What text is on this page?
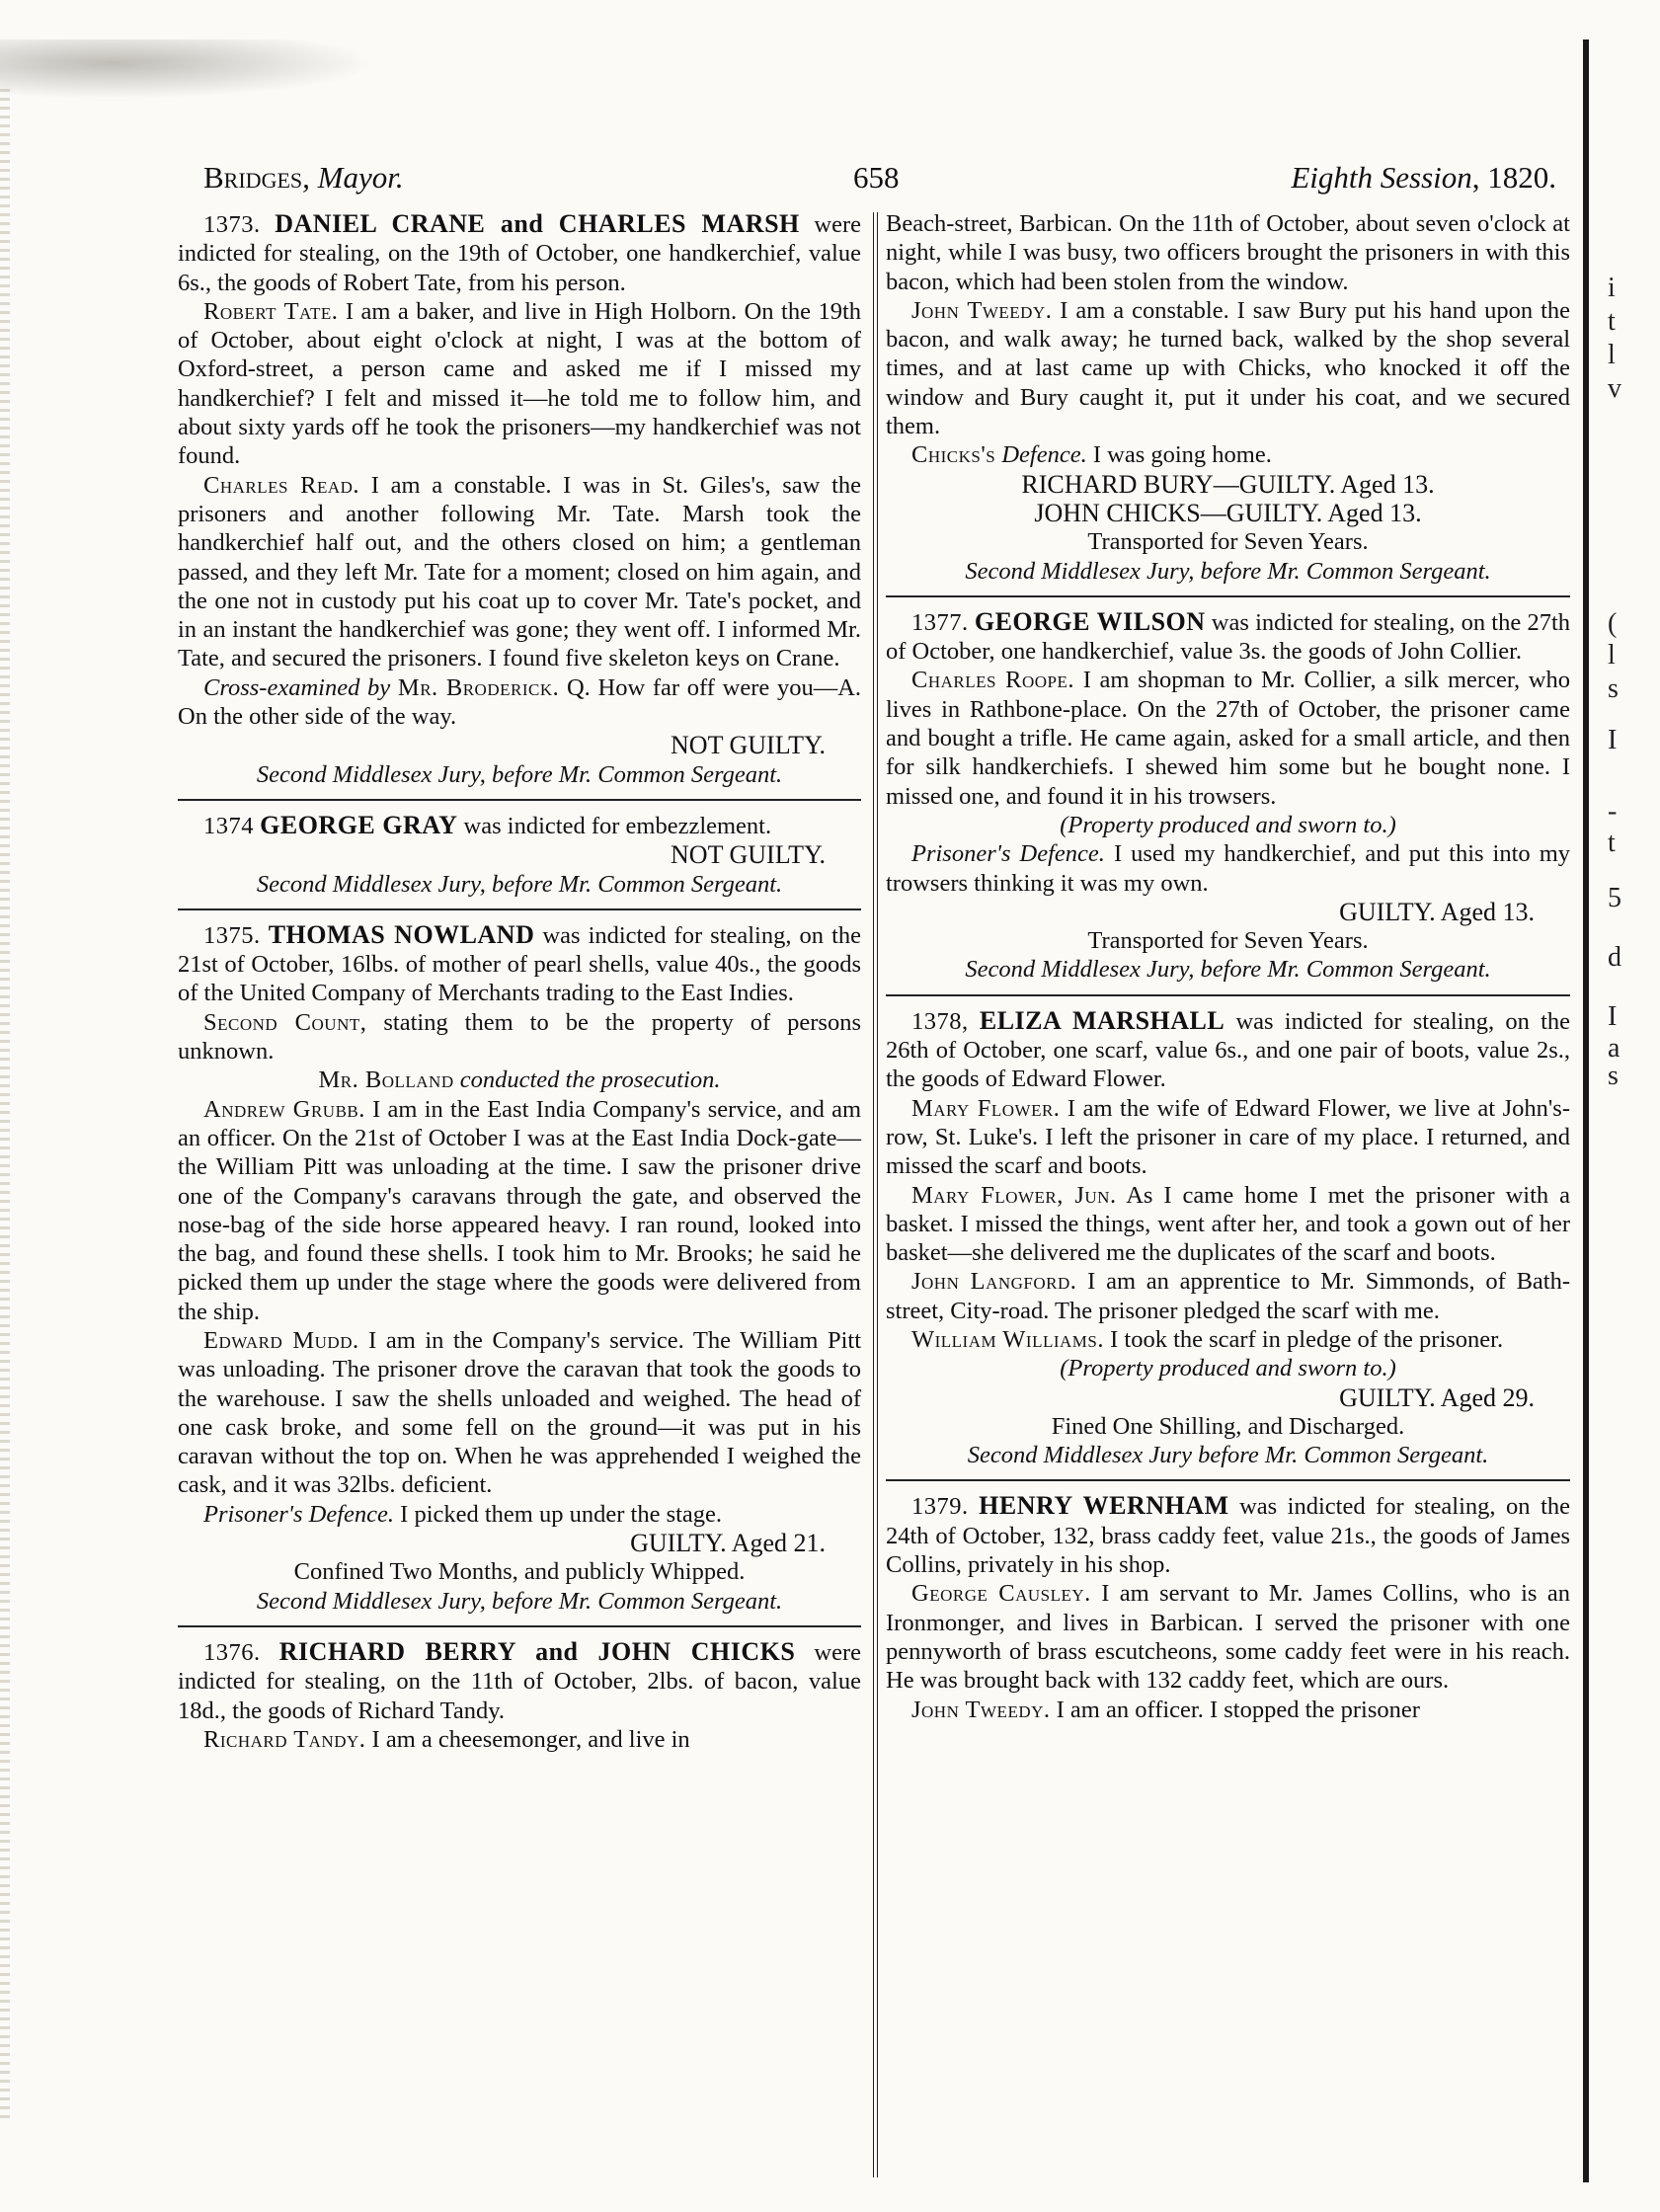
i
t
l
v
(
l
s
I
-
t
5
d
I
a
s
Bridges, Mayor.	658	Eighth Session, 1820.

1373. DANIEL CRANE and CHARLES MARSH were indicted for stealing, on the 19th of October, one handkerchief, value 6s., the goods of Robert Tate, from his person.

Robert Tate. I am a baker, and live in High Holborn. On the 19th of October, about eight o'clock at night, I was at the bottom of Oxford-street, a person came and asked me if I missed my handkerchief? I felt and missed it—he told me to follow him, and about sixty yards off he took the prisoners—my handkerchief was not found.

Charles Read. I am a constable. I was in St. Giles's, saw the prisoners and another following Mr. Tate. Marsh took the handkerchief half out, and the others closed on him; a gentleman passed, and they left Mr. Tate for a moment; closed on him again, and the one not in custody put his coat up to cover Mr. Tate's pocket, and in an instant the handkerchief was gone; they went off. I informed Mr. Tate, and secured the prisoners. I found five skeleton keys on Crane.

Cross-examined by Mr. Broderick. Q. How far off were you—A. On the other side of the way.

NOT GUILTY.

Second Middlesex Jury, before Mr. Common Sergeant.

1374 GEORGE GRAY was indicted for embezzlement.

NOT GUILTY.

Second Middlesex Jury, before Mr. Common Sergeant.

1375. THOMAS NOWLAND was indicted for stealing, on the 21st of October, 16lbs. of mother of pearl shells, value 40s., the goods of the United Company of Merchants trading to the East Indies.

Second Count, stating them to be the property of persons unknown.

Mr. Bolland conducted the prosecution.

Andrew Grubb. I am in the East India Company's service, and am an officer. On the 21st of October I was at the East India Dock-gate—the William Pitt was unloading at the time. I saw the prisoner drive one of the Company's caravans through the gate, and observed the nose-bag of the side horse appeared heavy. I ran round, looked into the bag, and found these shells. I took him to Mr. Brooks; he said he picked them up under the stage where the goods were delivered from the ship.

Edward Mudd. I am in the Company's service. The William Pitt was unloading. The prisoner drove the caravan that took the goods to the warehouse. I saw the shells unloaded and weighed. The head of one cask broke, and some fell on the ground—it was put in his caravan without the top on. When he was apprehended I weighed the cask, and it was 32lbs. deficient.

Prisoner's Defence. I picked them up under the stage.

GUILTY. Aged 21.

Confined Two Months, and publicly Whipped.

Second Middlesex Jury, before Mr. Common Sergeant.

1376. RICHARD BERRY and JOHN CHICKS were indicted for stealing, on the 11th of October, 2lbs. of bacon, value 18d., the goods of Richard Tandy.

Richard Tandy. I am a cheesemonger, and live in

Beach-street, Barbican. On the 11th of October, about seven o'clock at night, while I was busy, two officers brought the prisoners in with this bacon, which had been stolen from the window.

John Tweedy. I am a constable. I saw Bury put his hand upon the bacon, and walk away; he turned back, walked by the shop several times, and at last came up with Chicks, who knocked it off the window and Bury caught it, put it under his coat, and we secured them.

Chicks's Defence. I was going home.

RICHARD BURY—GUILTY. Aged 13.

JOHN CHICKS—GUILTY. Aged 13.

Transported for Seven Years.

Second Middlesex Jury, before Mr. Common Sergeant.

1377. GEORGE WILSON was indicted for stealing, on the 27th of October, one handkerchief, value 3s. the goods of John Collier.

Charles Roope. I am shopman to Mr. Collier, a silk mercer, who lives in Rathbone-place. On the 27th of October, the prisoner came and bought a trifle. He came again, asked for a small article, and then for silk handkerchiefs. I shewed him some but he bought none. I missed one, and found it in his trowsers.

(Property produced and sworn to.)

Prisoner's Defence. I used my handkerchief, and put this into my trowsers thinking it was my own.

GUILTY. Aged 13.

Transported for Seven Years.

Second Middlesex Jury, before Mr. Common Sergeant.

1378, ELIZA MARSHALL was indicted for stealing, on the 26th of October, one scarf, value 6s., and one pair of boots, value 2s., the goods of Edward Flower.

Mary Flower. I am the wife of Edward Flower, we live at John's-row, St. Luke's. I left the prisoner in care of my place. I returned, and missed the scarf and boots.

Mary Flower, Jun. As I came home I met the prisoner with a basket. I missed the things, went after her, and took a gown out of her basket—she delivered me the duplicates of the scarf and boots.

John Langford. I am an apprentice to Mr. Simmonds, of Bath-street, City-road. The prisoner pledged the scarf with me.

William Williams. I took the scarf in pledge of the prisoner.

(Property produced and sworn to.)

GUILTY. Aged 29.

Fined One Shilling, and Discharged.

Second Middlesex Jury before Mr. Common Sergeant.

1379. HENRY WERNHAM was indicted for stealing, on the 24th of October, 132, brass caddy feet, value 21s., the goods of James Collins, privately in his shop.

George Causley. I am servant to Mr. James Collins, who is an Ironmonger, and lives in Barbican. I served the prisoner with one pennyworth of brass escutcheons, some caddy feet were in his reach. He was brought back with 132 caddy feet, which are ours.

John Tweedy. I am an officer. I stopped the prisoner
